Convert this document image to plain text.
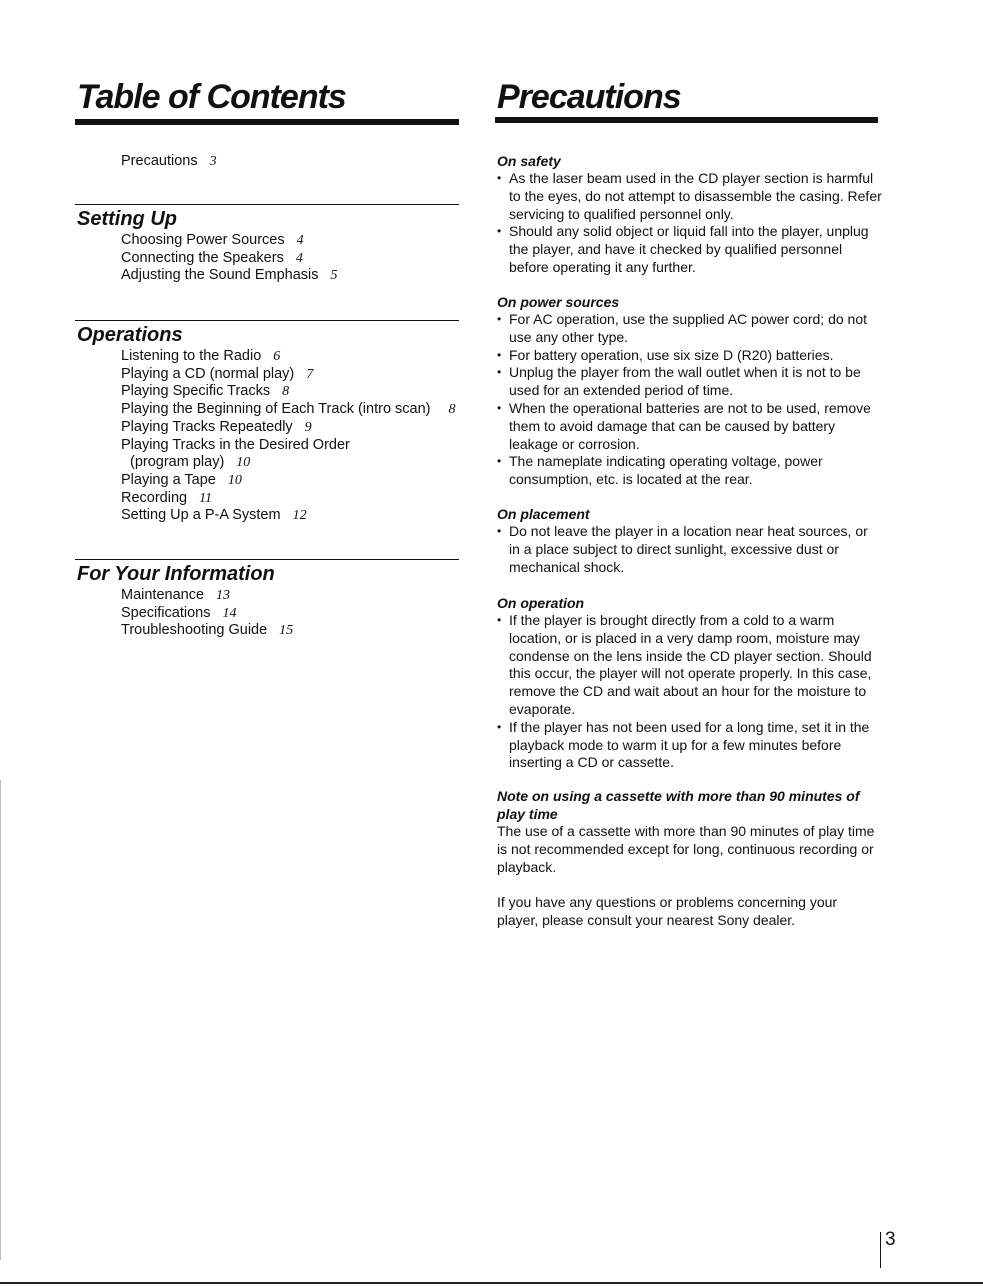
Table of Contents
Precautions 3
Setting Up
Choosing Power Sources 4
Connecting the Speakers 4
Adjusting the Sound Emphasis 5
Operations
Listening to the Radio 6
Playing a CD (normal play) 7
Playing Specific Tracks 8
Playing the Beginning of Each Track (intro scan) 8
Playing Tracks Repeatedly 9
Playing Tracks in the Desired Order
(program play) 10
Playing a Tape 10
Recording 11
Setting Up a P-A System 12
For Your Information
Maintenance 13
Specifications 14
Troubleshooting Guide 15
Precautions
On safety
• As the laser beam used in the CD player section is harmful to the eyes, do not attempt to disassemble the casing. Refer servicing to qualified personnel only.
• Should any solid object or liquid fall into the player, unplug the player, and have it checked by qualified personnel before operating it any further.
On power sources
• For AC operation, use the supplied AC power cord; do not use any other type.
• For battery operation, use six size D (R20) batteries.
• Unplug the player from the wall outlet when it is not to be used for an extended period of time.
• When the operational batteries are not to be used, remove them to avoid damage that can be caused by battery leakage or corrosion.
• The nameplate indicating operating voltage, power consumption, etc. is located at the rear.
On placement
• Do not leave the player in a location near heat sources, or in a place subject to direct sunlight, excessive dust or mechanical shock.
On operation
• If the player is brought directly from a cold to a warm location, or is placed in a very damp room, moisture may condense on the lens inside the CD player section. Should this occur, the player will not operate properly. In this case, remove the CD and wait about an hour for the moisture to evaporate.
• If the player has not been used for a long time, set it in the playback mode to warm it up for a few minutes before inserting a CD or cassette.
Note on using a cassette with more than 90 minutes of play time

The use of a cassette with more than 90 minutes of play time is not recommended except for long, continuous recording or playback.

If you have any questions or problems concerning your player, please consult your nearest Sony dealer.

3
